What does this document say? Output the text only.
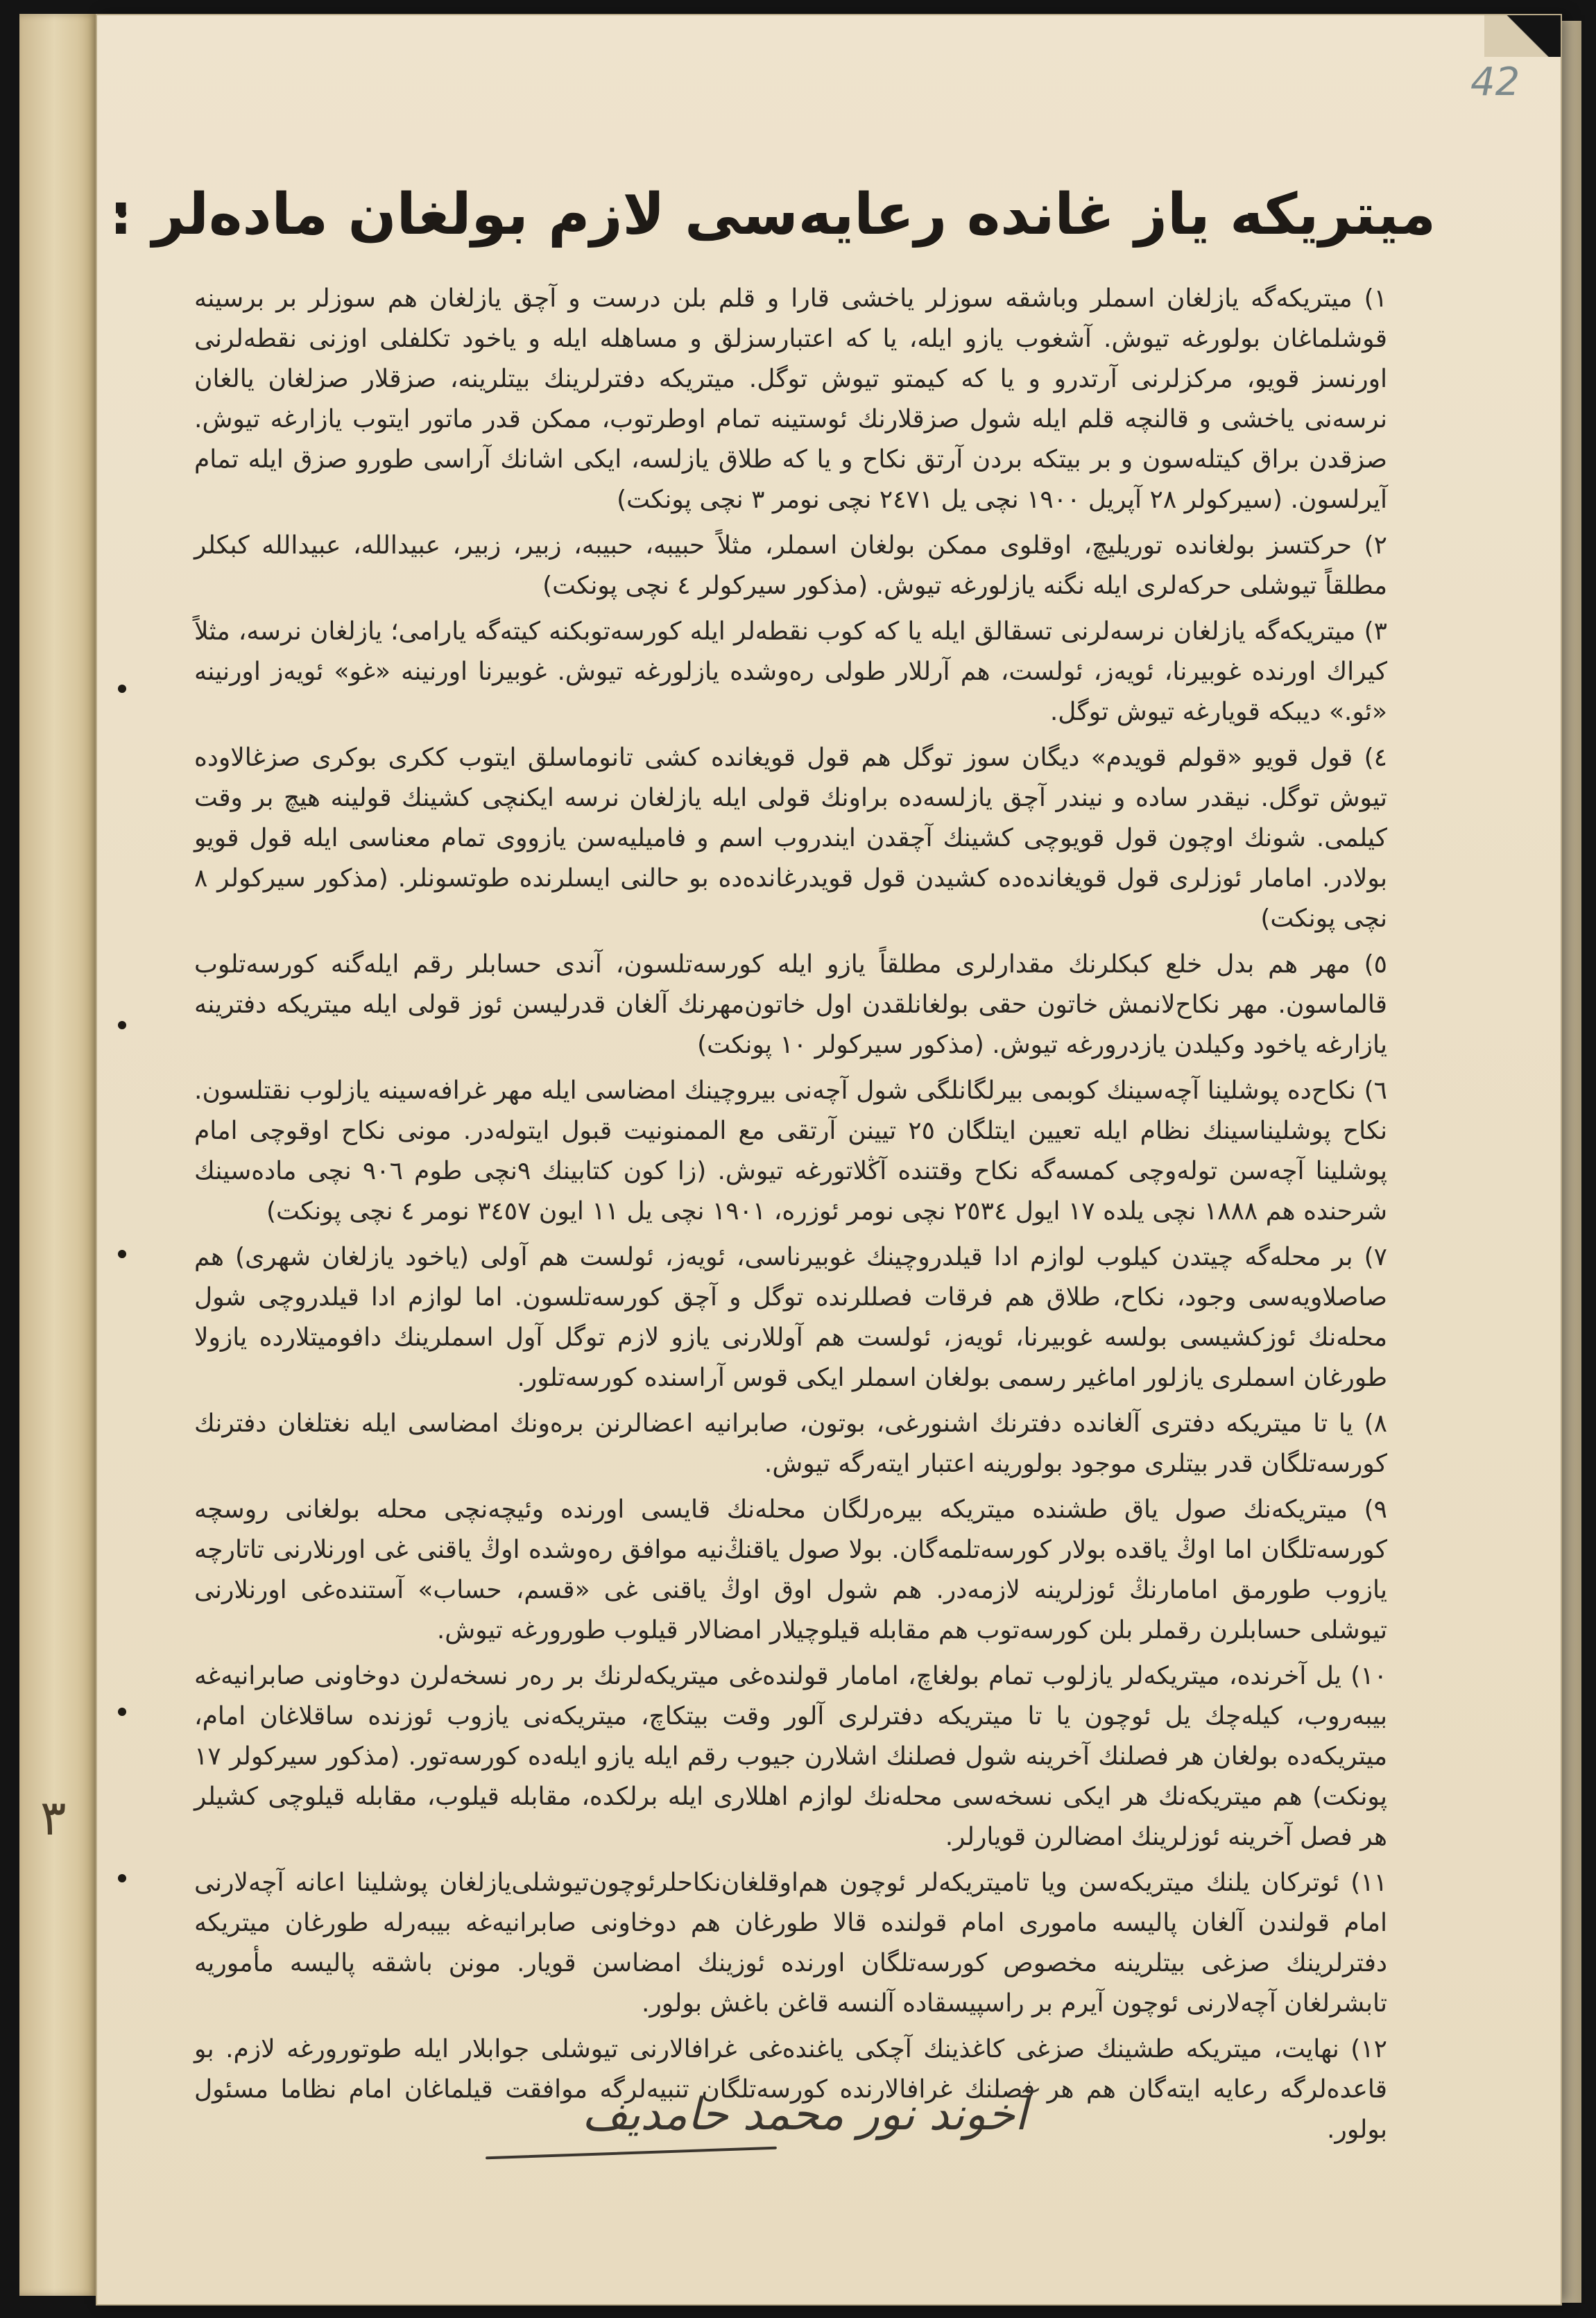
٣
42
میتریکه یاز غانده رعایه‌سی لازم بولغان ماده‌لر :

١) میتریکه‌گه یازلغان اسملر وباشقه سوزلر یاخشی قارا و قلم بلن درست و آچق یازلغان هم سوزلر بر برسینه قوشلماغان بولورغه تیوش. آشغوب یازو ایله، یا که اعتبارسزلق و مساهله ایله و یاخود تکلفلی‌ اوزنی نقطه‌لرنی اورنسز قویو، مرکزلرنی آرتدرو و یا که کیمتو تیوش توگل. میتریکه دفترلرینك بیتلرینه، صزقلار صزلغان یالغان نرسه‌نی یاخشی و قالنچه قلم ایله شول صزقلارنك ئوستینه تمام اوطرتوب، ممکن قدر ماتور ایتوب یازارغه تیوش. صزقدن براق کیتله‌سون و بر بیتکه بردن آرتق نکاح و یا که طلاق یازلسه، ایکی اشانك آراسی طورو صزق ایله تمام آیرلسون. (سیرکولر ٢٨ آپریل ١٩٠٠ نچی یل ٢٤٧١ نچی نومر ٣ نچی پونکت)

٢) حرکتسز بولغانده توریلیچ، اوقلوی ممکن بولغان اسملر، مثلاً حبیبه، حبیبه، زبیر، زبیر، عبیدالله، عبیدالله کبکلر مطلقاً تیوشلی حرکه‌لری ایله نگنه یازلورغه تیوش. (مذکور سیرکولر ٤ نچی پونکت)

٣) میتریکه‌گه یازلغان نرسه‌لرنی تسقالق ایله یا که کوب نقطه‌لر ایله کورسه‌توبکنه کیته‌گه یارامی؛ یازلغان نرسه، مثلاً کیراك اورنده غوبیرنا، ئویه‌ز، ئولست، هم آرللار طولی رەوشده یازلورغه تیوش. غوبیرنا اورنینه «غو» ئویه‌ز اورنینه «ئو.» دیبکه قویارغه تیوش توگل.

٤) قول قویو «قولم قویدم» دیگان سوز توگل هم قول قویغانده کشی تانوماسلق ایتوب ککری بوکری صزغالاوده تیوش توگل. نیقدر ساده و نیندر آچق یازلسه‌ده براونك قولی ایله یازلغان نرسه ایکنچی کشینك قولینه هیچ بر وقت کیلمی. شونك اوچون قول قویوچی کشینك آچقدن ایندروب اسم و فامیلیه‌سن یازووی تمام معناسی ایله قول قویو بولادر. امامار ئوزلری قول قویغانده‌ده کشیدن قول قویدرغانده‌ده بو حالنی ایسلرنده طوتسونلر. (مذکور سیرکولر ٨ نچی پونکت)

٥) مهر هم بدل خلع کبکلرنك مقدارلری مطلقاً یازو ایله کورسه‌تلسون، آندی حسابلر رقم ایله‌گنه کورسه‌تلوب قالماسون. مهر نکاح‌لانمش خاتون حقی بولغانلقدن اول خاتون‌مهرنك آلغان قدرلیسن ئوز قولی ایله میتریکه دفترینه یازارغه یاخود وکیلدن یازدرورغه تیوش. (مذکور سیرکولر ١٠ پونکت)

٦) نکاح‌ده پوشلینا آچه‌سینك کوبمی بیرلگانلگی شول آچه‌نی بیروچینك امضاسی ایله مهر غرافه‌سینه یازلوب نقتلسون. نکاح پوشلیناسینك نظام ایله تعیین ایتلگان ٢٥ تیینن آرتقی مع الممنونیت قبول ایتوله‌در. مونی نکاح اوقوچی امام پوشلینا آچه‌سن تولەوچی کمسه‌گه نکاح وقتنده آڭلاتورغه تیوش. (زا کون کتابینك ٩نچی طوم ٩٠٦ نچی ماده‌سینك شرحنده هم ١٨٨٨ نچی یلده ١٧ ایول ٢٥٣٤ نچی نومر ئوزره، ١٩٠١ نچی یل ١١ ایون ٣٤٥٧ نومر ٤ نچی پونکت)

٧) بر محله‌گه چیتدن کیلوب لوازم ادا قیلدروچینك غوبیرناسی، ئویه‌ز، ئولست هم آولی (یاخود یازلغان شهری) هم صاصلاویه‌سی وجود، نکاح، طلاق هم فرقات فصللرنده توگل و آچق کورسه‌تلسون. اما لوازم ادا قیلدروچی شول محله‌نك ئوزکشیسی بولسه غوبیرنا، ئویه‌ز، ئولست هم آوللارنی یازو لازم توگل آول اسملرینك دافومیتلارده یازولا طورغان اسملری یازلور اماغیر رسمی بولغان اسملر ایکی قوس آراسنده کورسه‌تلور.

٨) یا تا میتریکه دفتری آلغانده دفترنك اشنورغی، بوتون، صابرانیه اعضالرنن برەونك امضاسی ایله نغتلغان دفترنك کورسه‌تلگان قدر بیتلری موجود بولورینه اعتبار ایته‌رگه تیوش.

٩) میتریکه‌نك صول یاق طشنده میتریکه بیره‌رلگان محله‌نك قایسی اورنده وئیچه‌نچی محله بولغانی روسچه کورسه‌تلگان اما اوڭ یاقده بولار کورسه‌تلمەگان. بولا صول یاقنڭ‌نیه موافق رەوشده اوڭ یاقنی‌ غی اورنلارنی تاتارچه یازوب طورمق امامارنڭ ئوزلرینه لازمەدر. هم شول اوق اوڭ یاقنی‌ غی «قسم، حساب» آستندەغی اورنلارنی تیوشلی حسابلرن رقملر بلن کورسه‌توب هم مقابله قیلوچیلار امضالار قیلوب طورورغه تیوش.

١٠) یل آخرنده، میتریکه‌لر یازلوب تمام بولغاچ، امامار قولنده‌غی میتریکه‌لرنك بر ره‌ر نسخه‌لرن دوخاونی صابرانیه‌غه بیبه‌روب، کیلەچك یل ئوچون یا تا میتریکه دفترلری آلور وقت بیتکاچ، میتریکه‌نی یازوب ئوزنده ساقلاغان امام، میتریکه‌ده بولغان هر فصلنك آخرینه شول فصلنك اشلارن جیوب رقم ایله یازو ایله‌ده کورسه‌تور. (مذکور سیرکولر ١٧ پونکت) هم میتریکه‌نك هر ایکی نسخه‌سی محله‌نك لوازم اهللاری ایله برلکده، مقابله قیلوب، مقابله قیلوچی کشیلر هر فصل آخرینه ئوزلرینك امضالرن قویارلر.

١١) ئوترکان یلنك میتریکه‌سن ویا تامیتریکه‌لر ئوچون‌ هم‌اوقلغان‌نکاحلر‌ئوچون‌تیوشلی‌یازلغان پوشلینا اعانه آچه‌لارنی امام قولندن آلغان پالیسه ماموری امام قولنده قالا طورغان هم دوخاونی صابرانیه‌غه بیبه‌رله طورغان میتریکه دفترلرینك صزغی بیتلرینه مخصوص کورسه‌تلگان اورنده ئوزینك امضاسن قویار. مونن باشقه پالیسه مأموریه تابشرلغان آچه‌لارنی ئوچون آیرم بر راسپیسقاده آلنسه قاغن باغش بولور.

١٢) نهایت، میتریکه طشینك صزغی کاغذینك آچکی یاغنده‌غی غرافالارنی تیوشلی جوابلار ایله طوتورورغه لازم. بو قاعده‌لرگه رعایه ایته‌گان هم هر فصلنك غرافالارنده کورسه‌تلگان تنبیه‌لرگه موافقت قیلماغان امام نظاما مسئول بولور.

آخوند نور محمد حامدیف
